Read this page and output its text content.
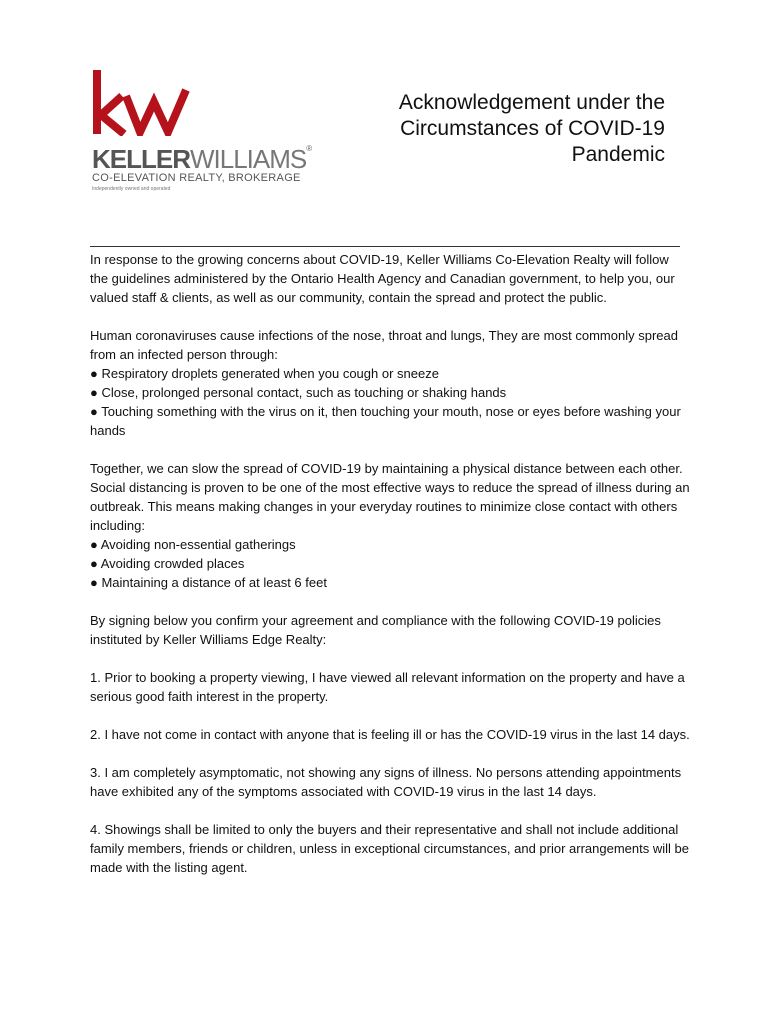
KELLERWILLIAMS®
CO-ELEVATION REALTY, BROKERAGE
Independently owned and operated
Acknowledgement under the
Circumstances of COVID-19
Pandemic

In response to the growing concerns about COVID-19, Keller Williams Co-Elevation Realty will follow the guidelines administered by the Ontario Health Agency and Canadian government, to help you, our valued staff & clients, as well as our community, contain the spread and protect the public.

Human coronaviruses cause infections of the nose, throat and lungs, They are most commonly spread from an infected person through:
● Respiratory droplets generated when you cough or sneeze
● Close, prolonged personal contact, such as touching or shaking hands
● Touching something with the virus on it, then touching your mouth, nose or eyes before washing your hands

Together, we can slow the spread of COVID-19 by maintaining a physical distance between each other. Social distancing is proven to be one of the most effective ways to reduce the spread of illness during an outbreak. This means making changes in your everyday routines to minimize close contact with others including:
● Avoiding non-essential gatherings
● Avoiding crowded places
● Maintaining a distance of at least 6 feet

By signing below you confirm your agreement and compliance with the following COVID-19 policies instituted by Keller Williams Edge Realty:

1. Prior to booking a property viewing, I have viewed all relevant information on the property and have a serious good faith interest in the property.

2. I have not come in contact with anyone that is feeling ill or has the COVID-19 virus in the last 14 days.

3. I am completely asymptomatic, not showing any signs of illness. No persons attending appointments have exhibited any of the symptoms associated with COVID-19 virus in the last 14 days.

4. Showings shall be limited to only the buyers and their representative and shall not include additional family members, friends or children, unless in exceptional circumstances, and prior arrangements will be made with the listing agent.
